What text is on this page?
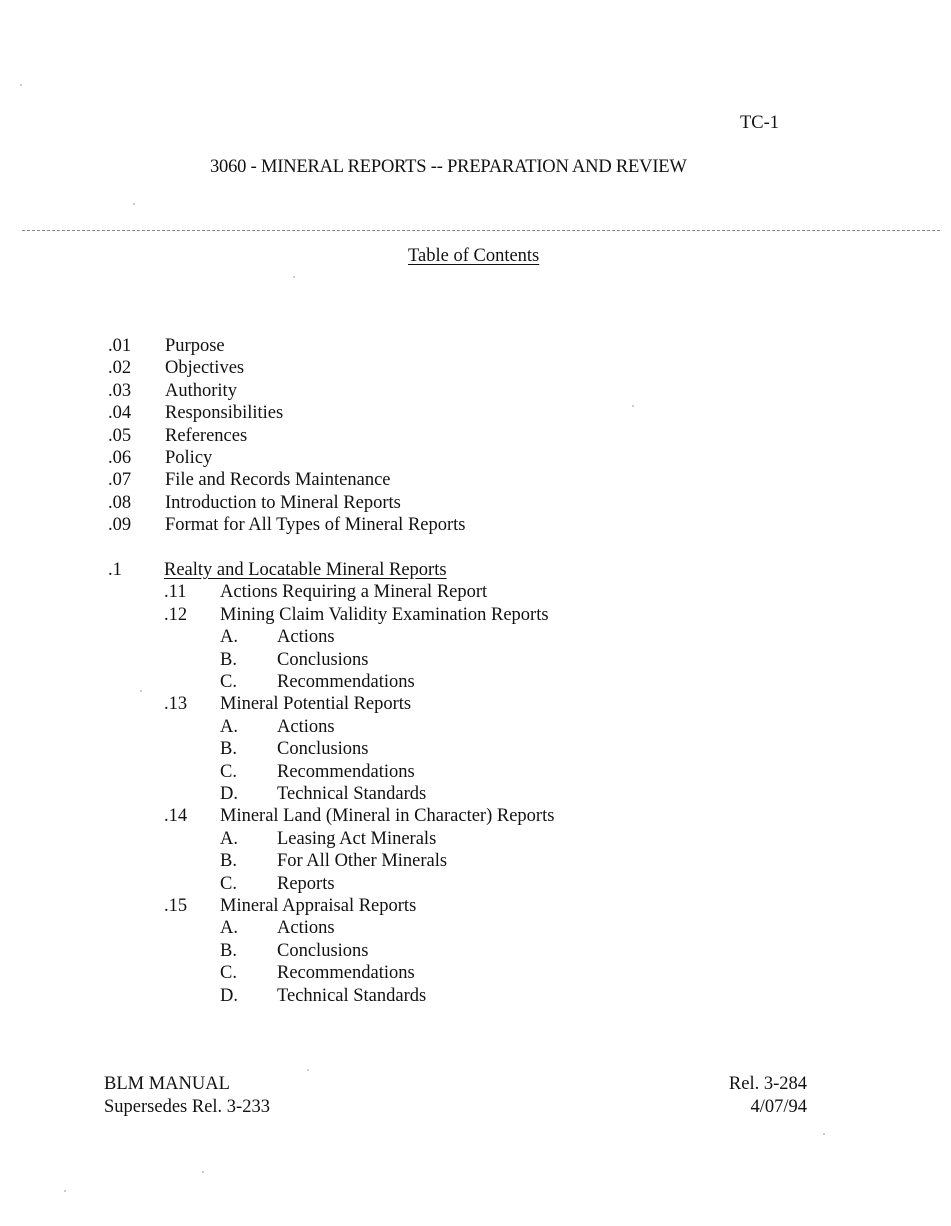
TC-1
3060 - MINERAL REPORTS -- PREPARATION AND REVIEW
Table of Contents
.01 Purpose
.02 Objectives
.03 Authority
.04 Responsibilities
.05 References
.06 Policy
.07 File and Records Maintenance
.08 Introduction to Mineral Reports
.09 Format for All Types of Mineral Reports
.1 Realty and Locatable Mineral Reports
.11 Actions Requiring a Mineral Report
.12 Mining Claim Validity Examination Reports
A. Actions
B. Conclusions
C. Recommendations
.13 Mineral Potential Reports
A. Actions
B. Conclusions
C. Recommendations
D. Technical Standards
.14 Mineral Land (Mineral in Character) Reports
A. Leasing Act Minerals
B. For All Other Minerals
C. Reports
.15 Mineral Appraisal Reports
A. Actions
B. Conclusions
C. Recommendations
D. Technical Standards
BLM MANUAL
Supersedes Rel. 3-233
Rel. 3-284
4/07/94
